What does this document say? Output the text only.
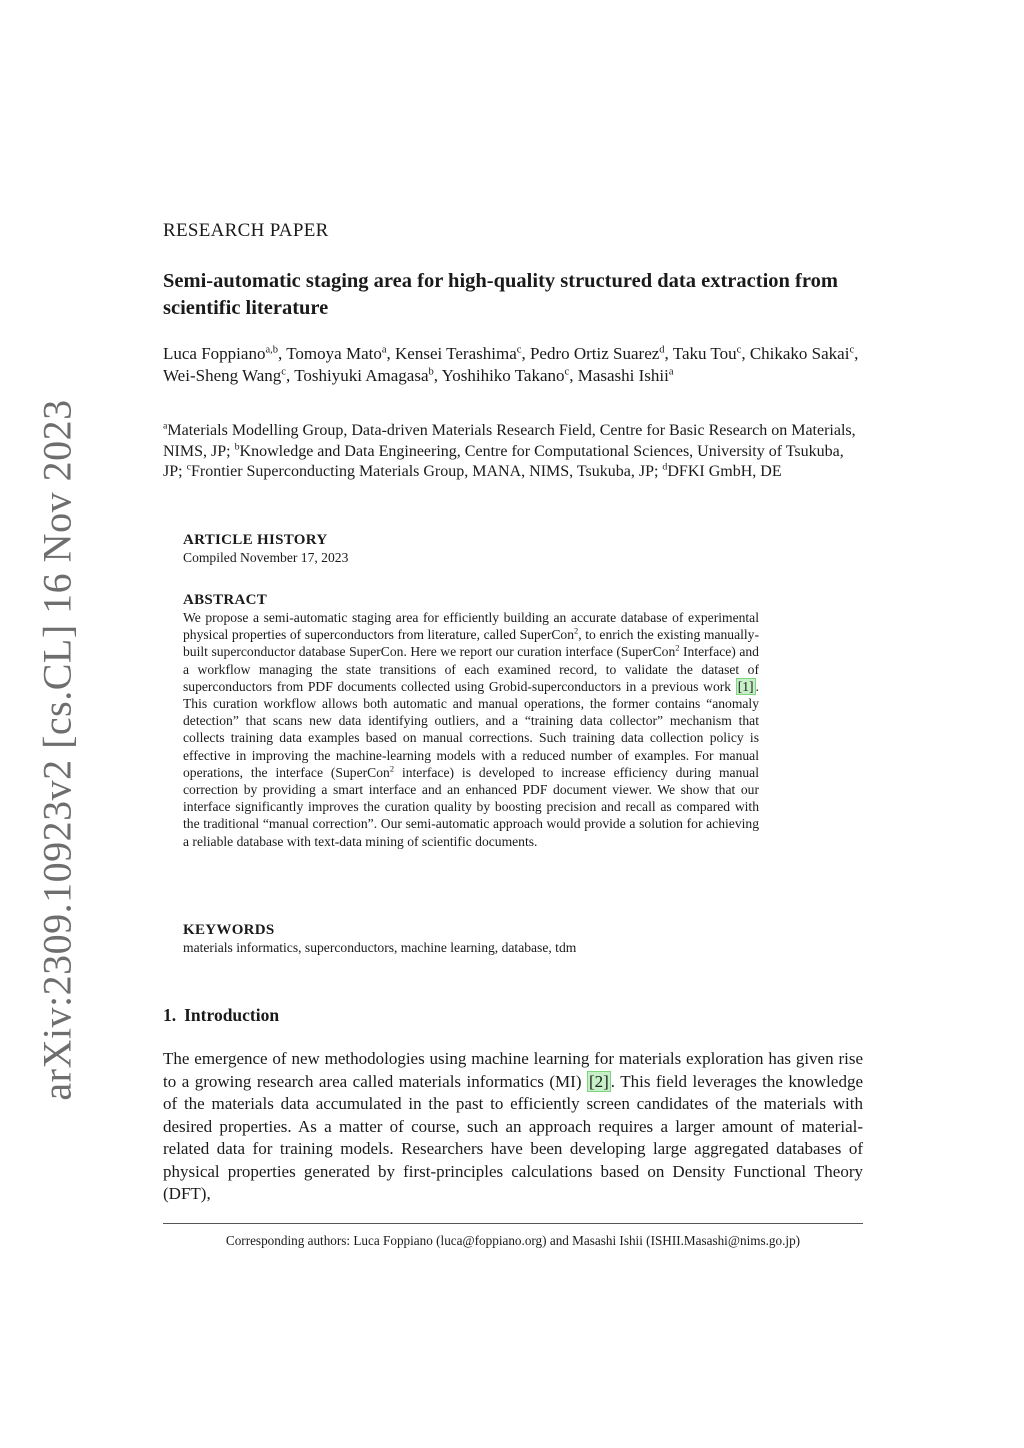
arXiv:2309.10923v2 [cs.CL] 16 Nov 2023
RESEARCH PAPER
Semi-automatic staging area for high-quality structured data extraction from scientific literature
Luca Foppiano$^{a,b}$, Tomoya Mato$^a$, Kensei Terashima$^c$, Pedro Ortiz Suarez$^d$, Taku Tou$^c$, Chikako Sakai$^c$, Wei-Sheng Wang$^c$, Toshiyuki Amagasa$^b$, Yoshihiko Takano$^c$, Masashi Ishii$^a$
$^a$Materials Modelling Group, Data-driven Materials Research Field, Centre for Basic Research on Materials, NIMS, JP; $^b$Knowledge and Data Engineering, Centre for Computational Sciences, University of Tsukuba, JP; $^c$Frontier Superconducting Materials Group, MANA, NIMS, Tsukuba, JP; $^d$DFKI GmbH, DE
ARTICLE HISTORY
Compiled November 17, 2023
ABSTRACT
We propose a semi-automatic staging area for efficiently building an accurate database of experimental physical properties of superconductors from literature, called SuperCon$^2$, to enrich the existing manually-built superconductor database SuperCon. Here we report our curation interface (SuperCon$^2$ Interface) and a workflow managing the state transitions of each examined record, to validate the dataset of superconductors from PDF documents collected using Grobid-superconductors in a previous work [1] . This curation workflow allows both automatic and manual operations, the former contains “anomaly detection” that scans new data identifying outliers, and a “training data collector” mechanism that collects training data examples based on manual corrections. Such training data collection policy is effective in improving the machine-learning models with a reduced number of examples. For manual operations, the interface (SuperCon$^2$ interface) is developed to increase efficiency during manual correction by providing a smart interface and an enhanced PDF document viewer. We show that our interface significantly improves the curation quality by boosting precision and recall as compared with the traditional “manual correction”. Our semi-automatic approach would provide a solution for achieving a reliable database with text-data mining of scientific documents.
KEYWORDS
materials informatics, superconductors, machine learning, database, tdm
1. Introduction
The emergence of new methodologies using machine learning for materials exploration has given rise to a growing research area called materials informatics (MI) [2] . This field leverages the knowledge of the materials data accumulated in the past to efficiently screen candidates of the materials with desired properties. As a matter of course, such an approach requires a larger amount of material-related data for training models. Researchers have been developing large aggregated databases of physical properties generated by first-principles calculations based on Density Functional Theory (DFT),
Corresponding authors: Luca Foppiano (luca@foppiano.org) and Masashi Ishii (ISHII.Masashi@nims.go.jp)
